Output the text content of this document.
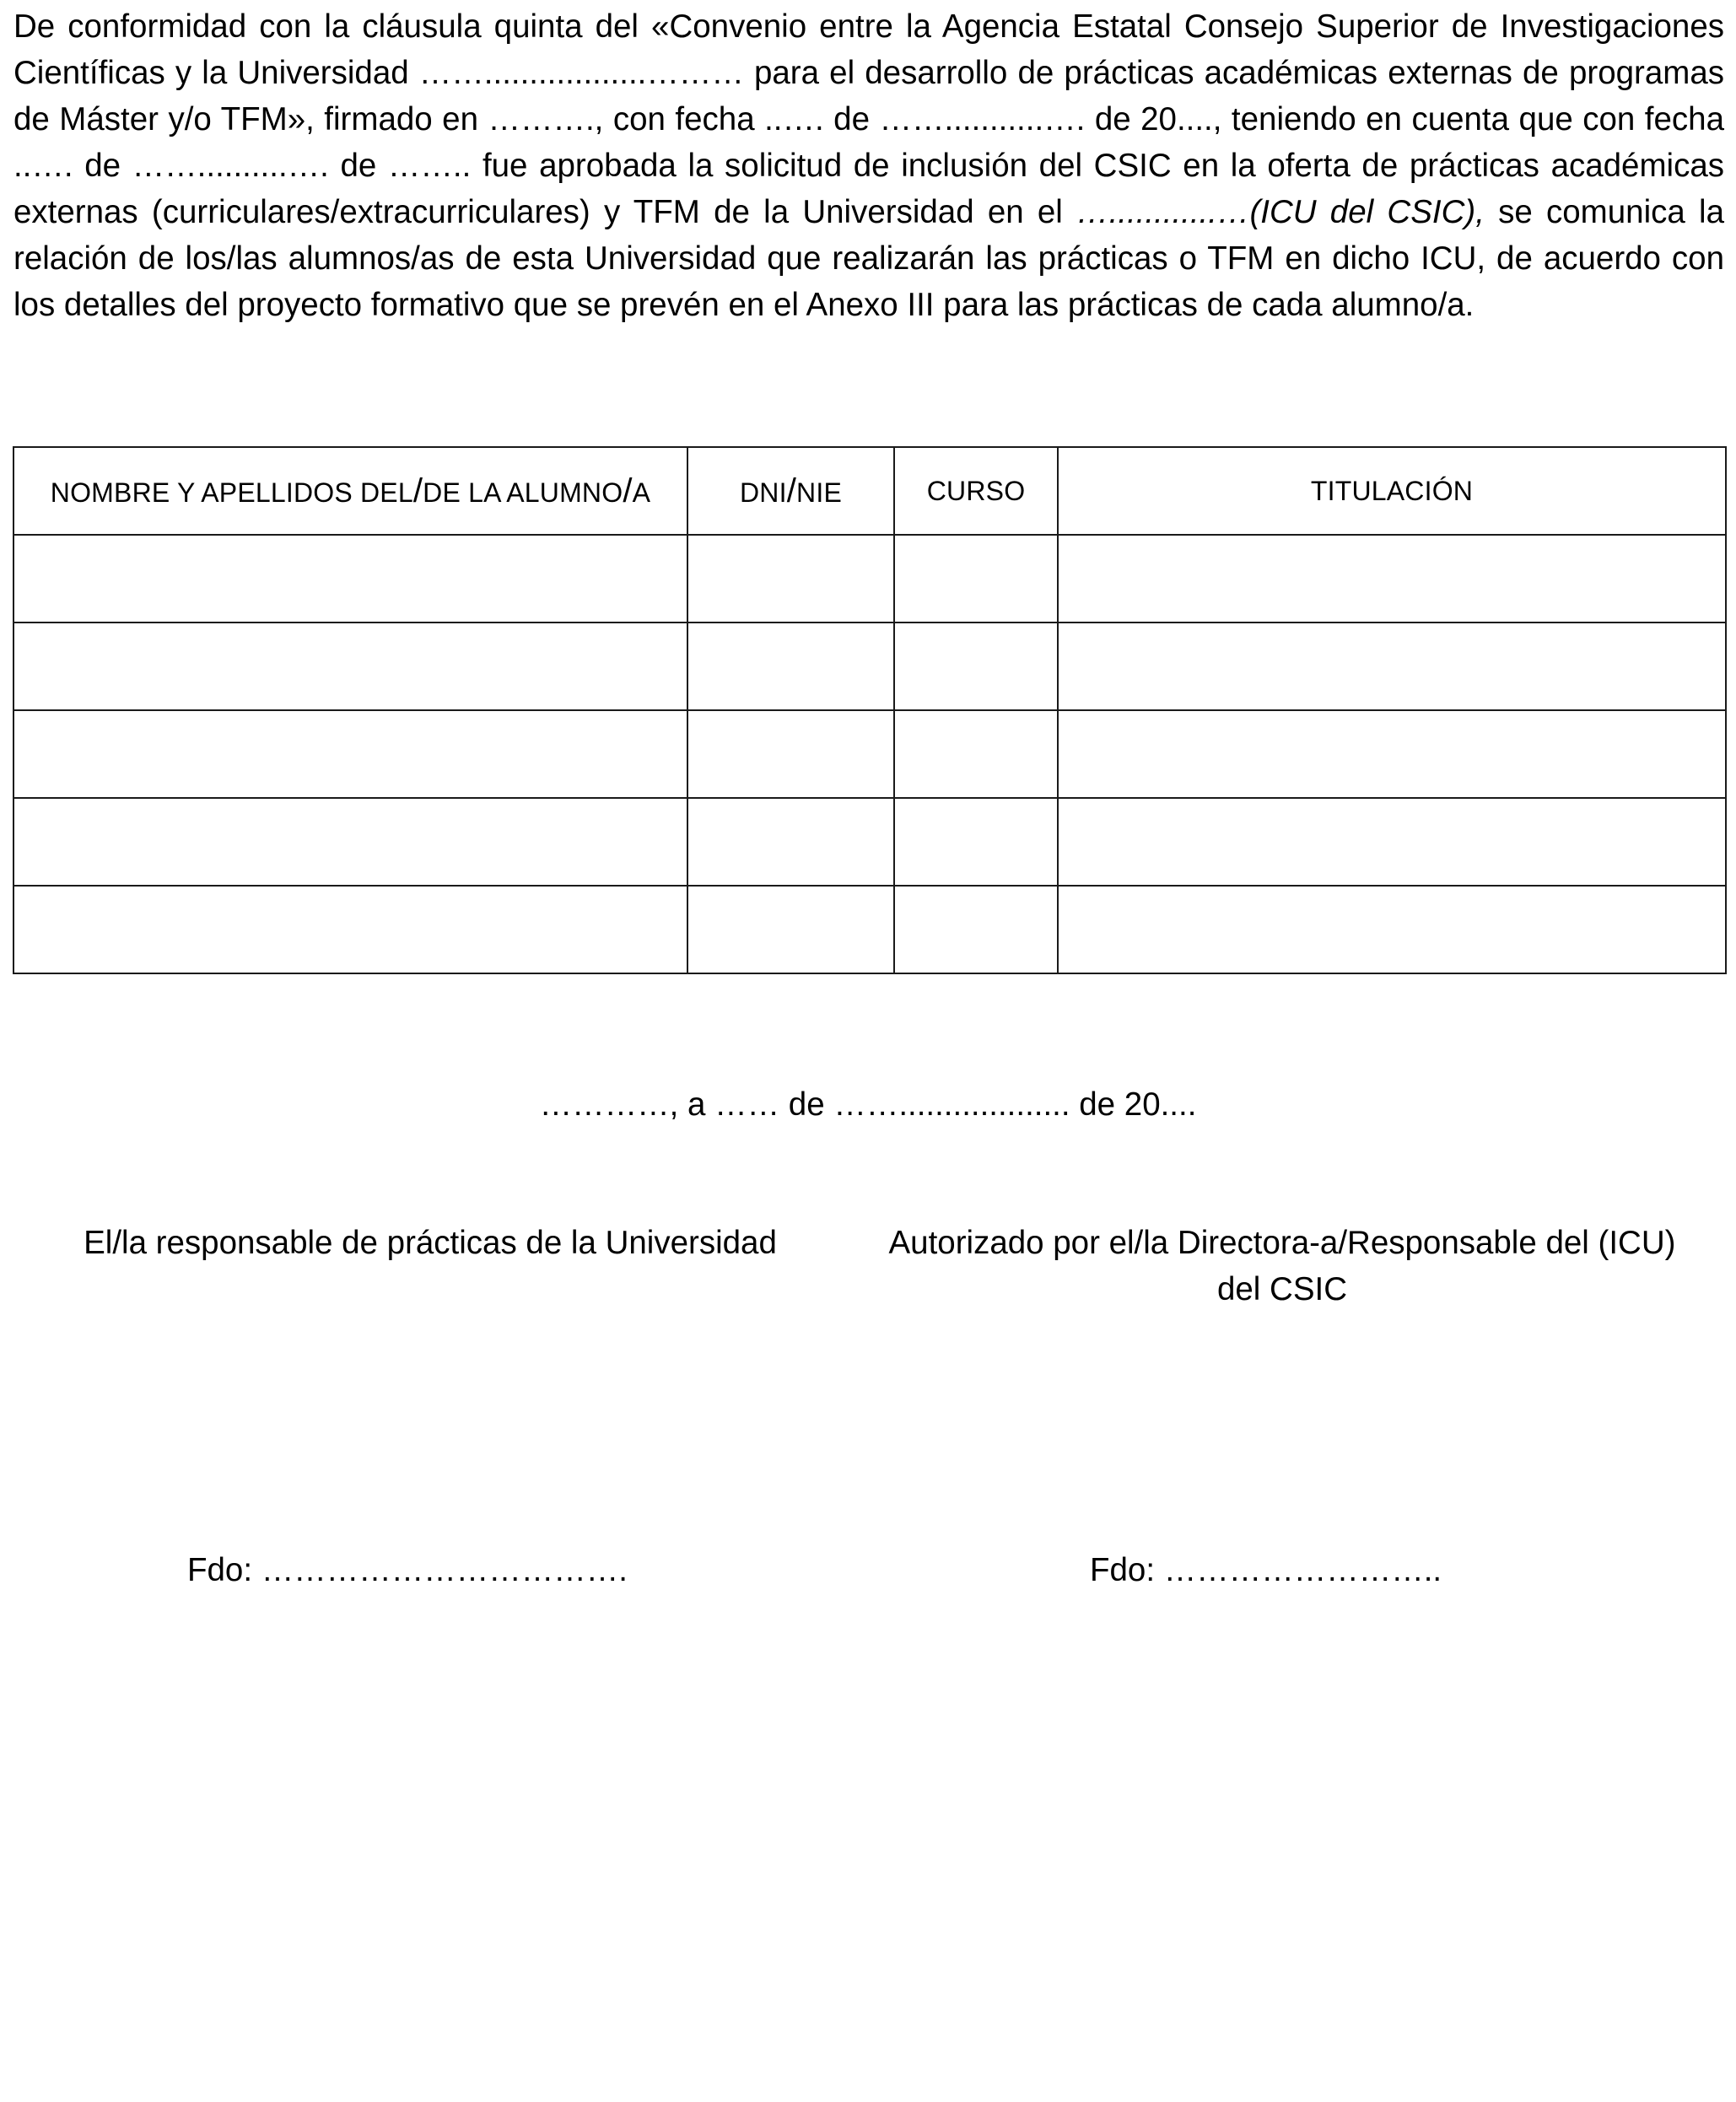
De conformidad con la cláusula quinta del «Convenio entre la Agencia Estatal Consejo Superior de Investigaciones Científicas y la Universidad ……..................……… para el desarrollo de prácticas académicas externas de programas de Máster y/o TFM», firmado en ………., con fecha ..…. de ……...........…. de 20...., teniendo en cuenta que con fecha ..…. de ……..........…. de …….. fue aprobada la solicitud de inclusión del CSIC en la oferta de prácticas académicas externas (curriculares/extracurriculares) y TFM de la Universidad en el …............…(ICU del CSIC), se comunica la relación de los/las alumnos/as de esta Universidad que realizarán las prácticas o TFM en dicho ICU, de acuerdo con los detalles del proyecto formativo que se prevén en el Anexo III para las prácticas de cada alumno/a.

NOMBRE Y APELLIDOS DEL/DE LA ALUMNO/A	DNI/NIE	CURSO	TITULACIÓN

…………, a …… de ……................... de 20....
El/la responsable de prácticas de la Universidad	Autorizado por el/la Directora-a/Responsable del (ICU)
del CSIC
Fdo: …………………………….	Fdo: ……………………..
